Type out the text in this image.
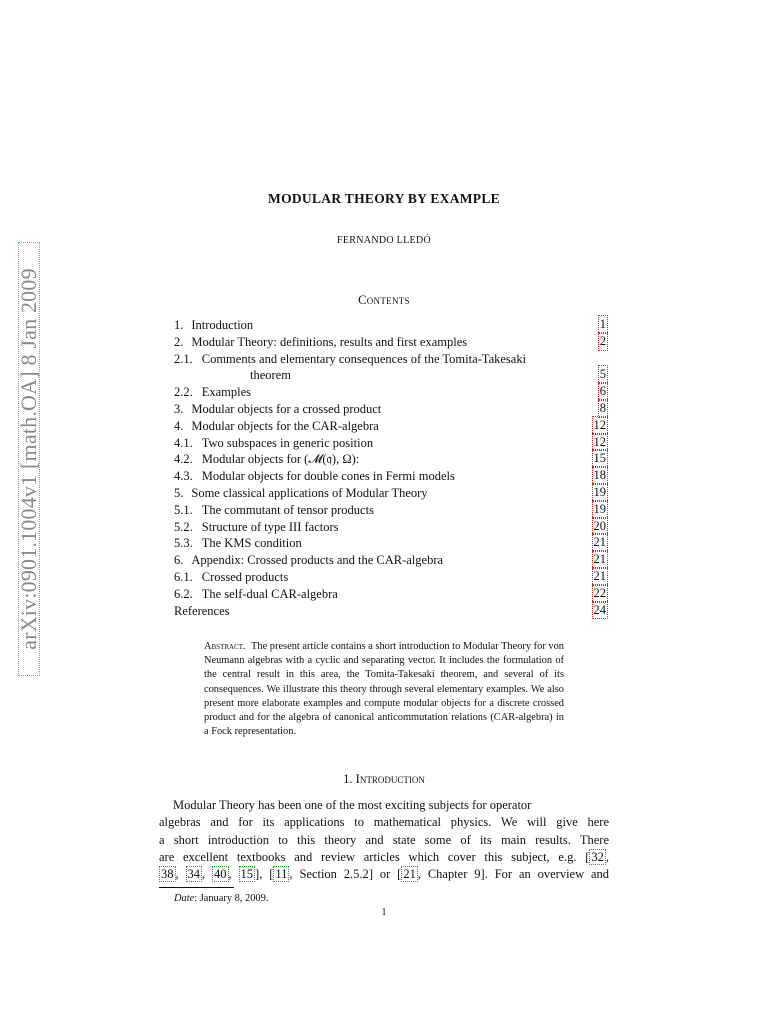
arXiv:0901.1004v1 [math.OA] 8 Jan 2009
MODULAR THEORY BY EXAMPLE
FERNANDO LLEDÓ
Contents
1. Introduction	1
2. Modular Theory: definitions, results and first examples	2
2.1. Comments and elementary consequences of the Tomita-Takesaki
theorem	5
2.2. Examples	6
3. Modular objects for a crossed product	8
4. Modular objects for the CAR-algebra	12
4.1. Two subspaces in generic position	12
4.2. Modular objects for (𝓜(𝔮), Ω):	15
4.3. Modular objects for double cones in Fermi models	18
5. Some classical applications of Modular Theory	19
5.1. The commutant of tensor products	19
5.2. Structure of type III factors	20
5.3. The KMS condition	21
6. Appendix: Crossed products and the CAR-algebra	21
6.1. Crossed products	21
6.2. The self-dual CAR-algebra	22
References	24
Abstract. The present article contains a short introduction to Modular Theory for von Neumann algebras with a cyclic and separating vector. It includes the formulation of the central result in this area, the Tomita-Takesaki theorem, and several of its consequences. We illustrate this theory through several elementary examples. We also present more elaborate examples and compute modular objects for a discrete crossed product and for the algebra of canonical anticommutation relations (CAR-algebra) in a Fock representation.
1. Introduction

Modular Theory has been one of the most exciting subjects for operator

algebras and for its applications to mathematical physics. We will give here
a short introduction to this theory and state some of its main results. There
are excellent textbooks and review articles which cover this subject, e.g. [ 32 ,
38 , 34 , 40 , 15 ], [ 11 , Section 2.5.2] or [ 21 , Chapter 9]. For an overview and
Date: January 8, 2009.
1
